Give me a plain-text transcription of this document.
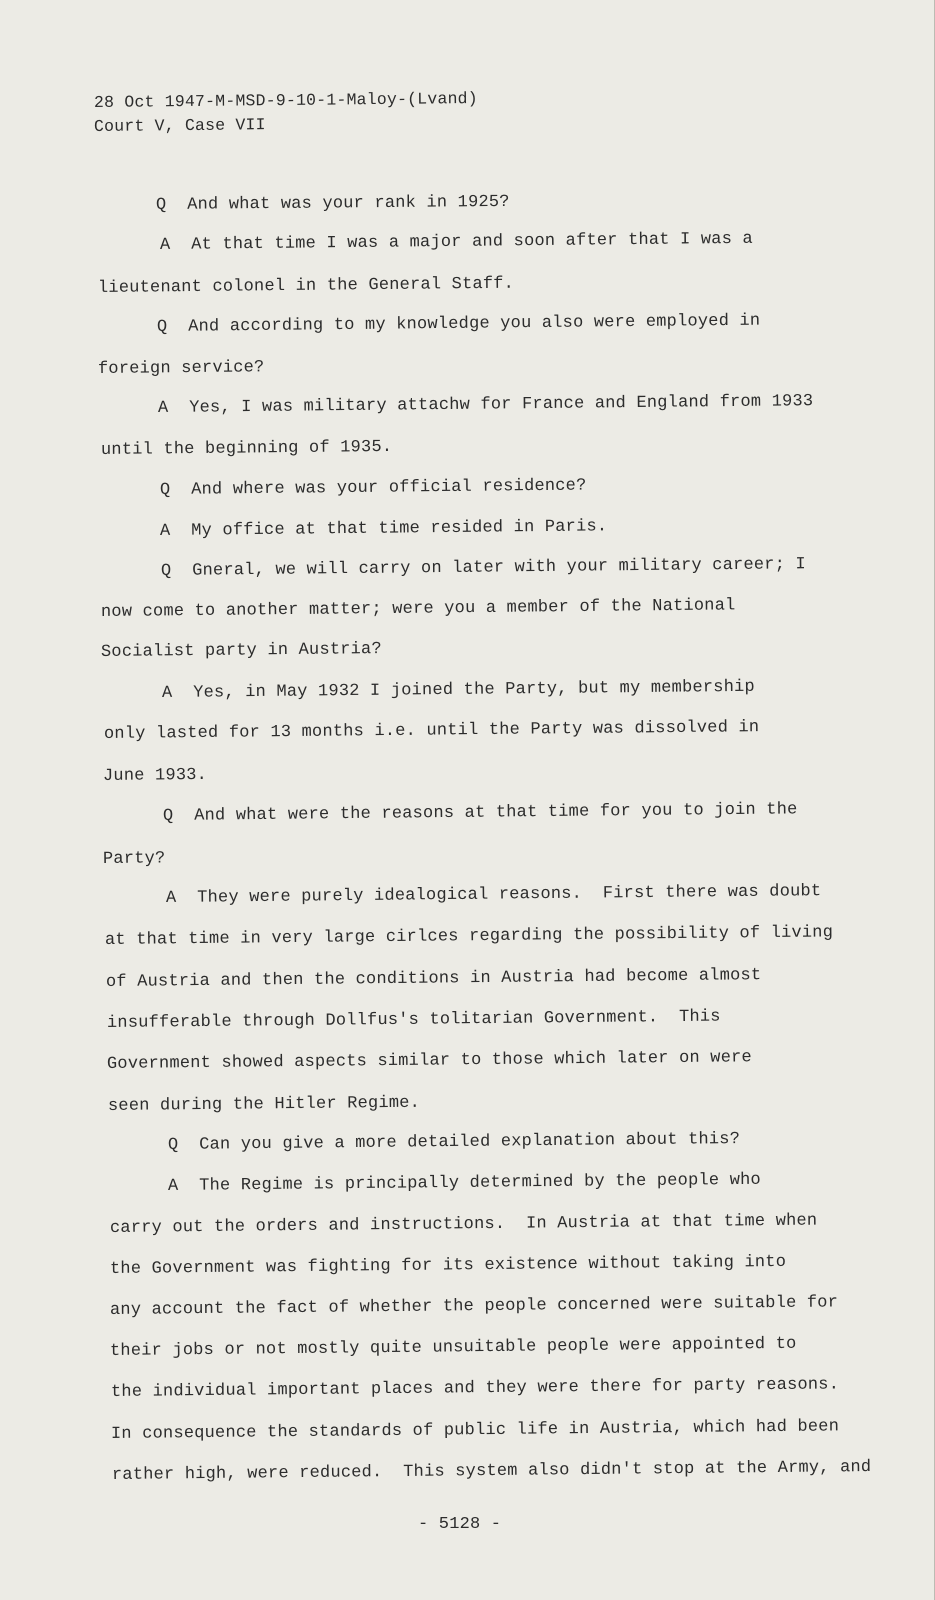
28 Oct 1947-M-MSD-9-10-1-Maloy-(Lvand)
Court V, Case VII
Q  And what was your rank in 1925?
A  At that time I was a major and soon after that I was a
lieutenant colonel in the General Staff.
Q  And according to my knowledge you also were employed in
foreign service?
A  Yes, I was military attachw for France and England from 1933
until the beginning of 1935.
Q  And where was your official residence?
A  My office at that time resided in Paris.
Q  Gneral, we will carry on later with your military career; I
now come to another matter; were you a member of the National
Socialist party in Austria?
A  Yes, in May 1932 I joined the Party, but my membership
only lasted for 13 months i.e. until the Party was dissolved in
June 1933.
Q  And what were the reasons at that time for you to join the
Party?
A  They were purely idealogical reasons.  First there was doubt
at that time in very large cirlces regarding the possibility of living
of Austria and then the conditions in Austria had become almost
insufferable through Dollfus's tolitarian Government.  This
Government showed aspects similar to those which later on were
seen during the Hitler Regime.
Q  Can you give a more detailed explanation about this?
A  The Regime is principally determined by the people who
carry out the orders and instructions.  In Austria at that time when
the Government was fighting for its existence without taking into
any account the fact of whether the people concerned were suitable for
their jobs or not mostly quite unsuitable people were appointed to
the individual important places and they were there for party reasons.
In consequence the standards of public life in Austria, which had been
rather high, were reduced.  This system also didn't stop at the Army, and
- 5128 -
